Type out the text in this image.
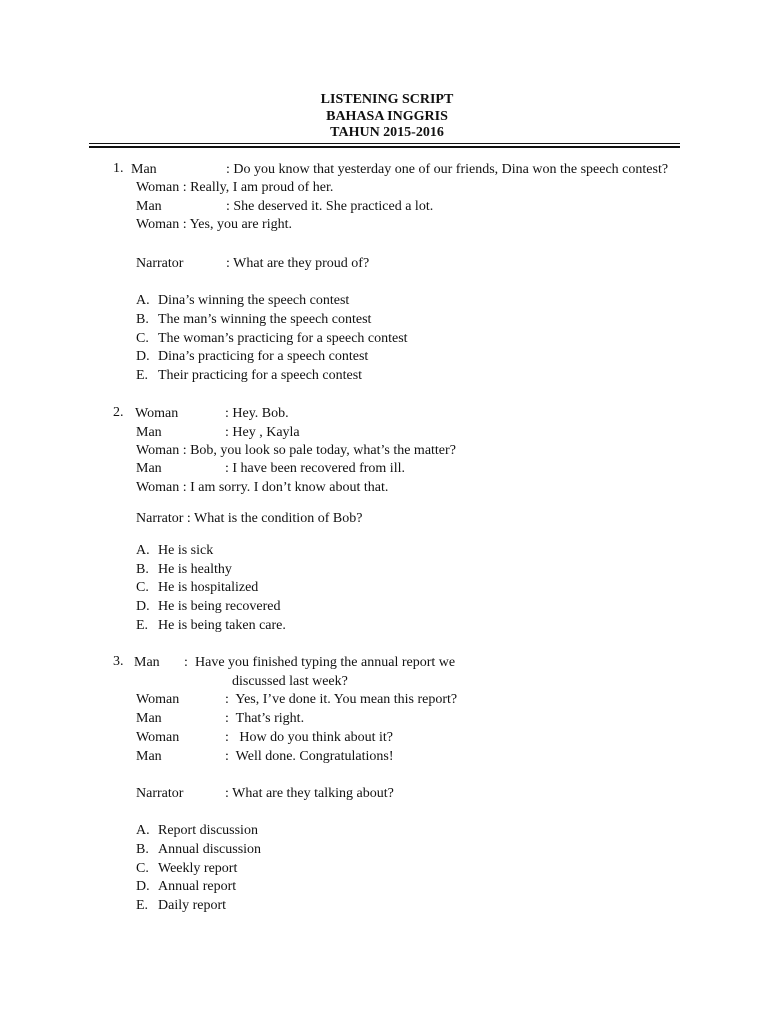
LISTENING SCRIPT
BAHASA INGGRIS
TAHUN 2015-2016
1. Man	: Do you know that yesterday one of our friends, Dina won the speech contest?
Woman : Really, I am proud of her.
Man	: She deserved it. She practiced a lot.
Woman : Yes, you are right.
Narrator	: What are they proud of?
A. Dina’s winning the speech contest
B. The man’s winning the speech contest
C. The woman’s practicing for a speech contest
D. Dina’s practicing for a speech contest
E. Their practicing for a speech contest
2. Woman	: Hey. Bob.
Man	: Hey , Kayla
Woman : Bob, you look so pale today, what’s the matter?
Man	: I have been recovered from ill.
Woman : I am sorry. I don’t know about that.
Narrator : What is the condition of Bob?
A. He is sick
B. He is healthy
C. He is hospitalized
D. He is being recovered
E. He is being taken care.
3. Man : Have you finished typing the annual report we
discussed last week?
Woman	:  Yes, I’ve done it. You mean this report?
Man	:  That’s right.
Woman	:   How do you think about it?
Man	:  Well done. Congratulations!
Narrator	: What are they talking about?
A. Report discussion
B. Annual discussion
C. Weekly report
D. Annual report
E. Daily report
